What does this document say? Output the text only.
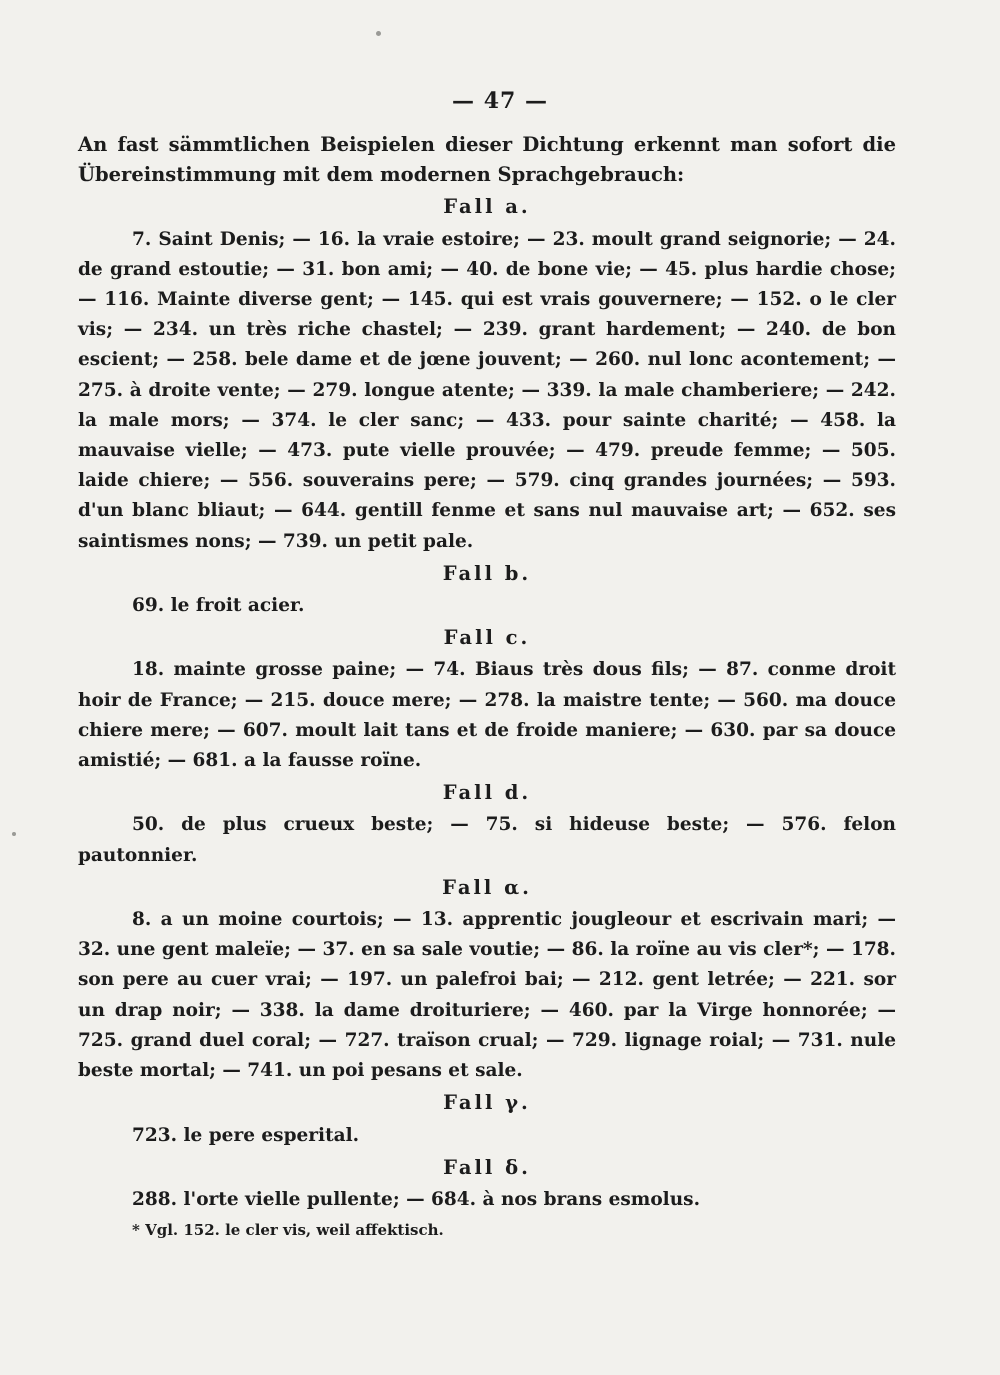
— 47 —

An fast sämmtlichen Beispielen dieser Dichtung erkennt man sofort die Übereinstimmung mit dem modernen Sprachgebrauch:

Fall a.

7. Saint Denis; — 16. la vraie estoire; — 23. moult grand seignorie; — 24. de grand estoutie; — 31. bon ami; — 40. de bone vie; — 45. plus hardie chose; — 116. Mainte diverse gent; — 145. qui est vrais gouvernere; — 152. o le cler vis; — 234. un très riche chastel; — 239. grant hardement; — 240. de bon escient; — 258. bele dame et de jœne jouvent; — 260. nul lonc acontement; — 275. à droite vente; — 279. longue atente; — 339. la male chamberiere; — 242. la male mors; — 374. le cler sanc; — 433. pour sainte charité; — 458. la mauvaise vielle; — 473. pute vielle prouvée; — 479. preude femme; — 505. laide chiere; — 556. souverains pere; — 579. cinq grandes journées; — 593. d'un blanc bliaut; — 644. gentill fenme et sans nul mauvaise art; — 652. ses saintismes nons; — 739. un petit pale.

Fall b.

69. le froit acier.

Fall c.

18. mainte grosse paine; — 74. Biaus très dous fils; — 87. conme droit hoir de France; — 215. douce mere; — 278. la maistre tente; — 560. ma douce chiere mere; — 607. moult lait tans et de froide maniere; — 630. par sa douce amistié; — 681. a la fausse roïne.

Fall d.

50. de plus crueux beste; — 75. si hideuse beste; — 576. felon pautonnier.

Fall α.

8. a un moine courtois; — 13. apprentic jougleour et escrivain mari; — 32. une gent maleïe; — 37. en sa sale voutie; — 86. la roïne au vis cler*; — 178. son pere au cuer vrai; — 197. un palefroi bai; — 212. gent letrée; — 221. sor un drap noir; — 338. la dame droituriere; — 460. par la Virge honnorée; — 725. grand duel coral; — 727. traïson crual; — 729. lignage roial; — 731. nule beste mortal; — 741. un poi pesans et sale.

Fall γ.

723. le pere esperital.

Fall δ.

288. l'orte vielle pullente; — 684. à nos brans esmolus.

* Vgl. 152. le cler vis, weil affektisch.
